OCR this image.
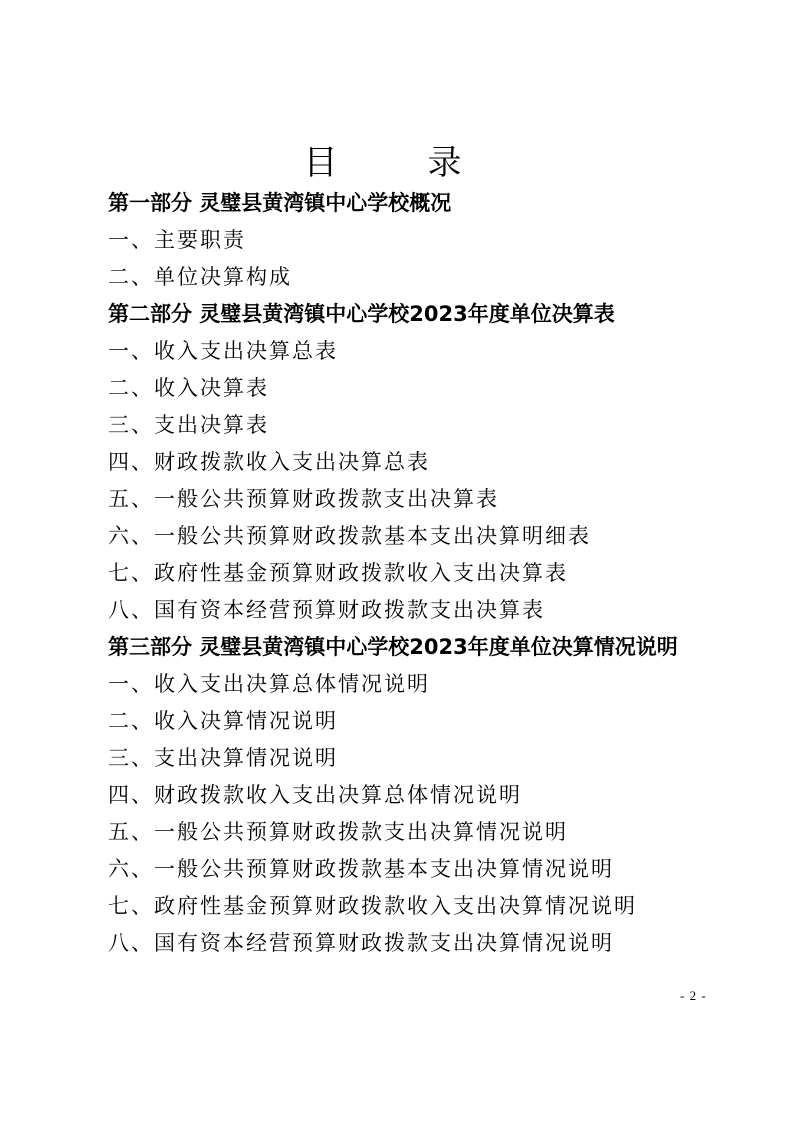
目　录
第一部分 灵璧县黄湾镇中心学校概况
一、主要职责
二、单位决算构成
第二部分 灵璧县黄湾镇中心学校2023年度单位决算表
一、收入支出决算总表
二、收入决算表
三、支出决算表
四、财政拨款收入支出决算总表
五、一般公共预算财政拨款支出决算表
六、一般公共预算财政拨款基本支出决算明细表
七、政府性基金预算财政拨款收入支出决算表
八、国有资本经营预算财政拨款支出决算表
第三部分 灵璧县黄湾镇中心学校2023年度单位决算情况说明
一、收入支出决算总体情况说明
二、收入决算情况说明
三、支出决算情况说明
四、财政拨款收入支出决算总体情况说明
五、一般公共预算财政拨款支出决算情况说明
六、一般公共预算财政拨款基本支出决算情况说明
七、政府性基金预算财政拨款收入支出决算情况说明
八、国有资本经营预算财政拨款支出决算情况说明
- 2 -
